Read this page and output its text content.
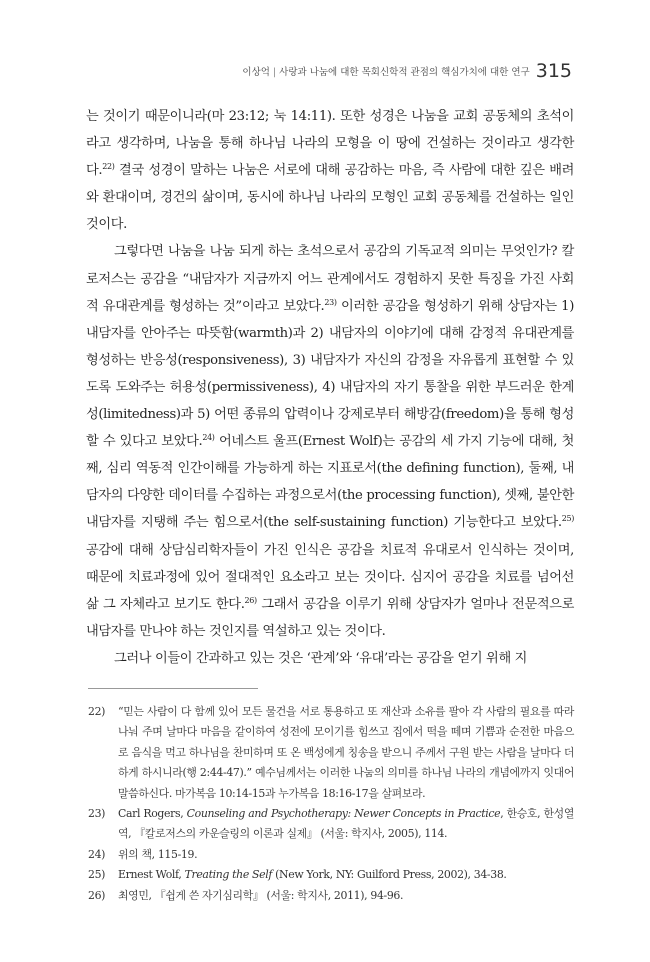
이상억 | 사랑과 나눔에 대한 목회신학적 관점의 핵심가치에 대한 연구 315

는 것이기 때문이니라(마 23:12; 눅 14:11). 또한 성경은 나눔을 교회 공동체의 초석이라고 생각하며, 나눔을 통해 하나님 나라의 모형을 이 땅에 건설하는 것이라고 생각한다.$^{22)}$ 결국 성경이 말하는 나눔은 서로에 대해 공감하는 마음, 즉 사람에 대한 깊은 배려와 환대이며, 경건의 삶이며, 동시에 하나님 나라의 모형인 교회 공동체를 건설하는 일인 것이다.

그렇다면 나눔을 나눔 되게 하는 초석으로서 공감의 기독교적 의미는 무엇인가? 칼 로저스는 공감을 “내담자가 지금까지 어느 관계에서도 경험하지 못한 특징을 가진 사회적 유대관계를 형성하는 것”이라고 보았다.$^{23)}$ 이러한 공감을 형성하기 위해 상담자는 1) 내담자를 안아주는 따뜻함(warmth)과 2) 내담자의 이야기에 대해 감정적 유대관계를 형성하는 반응성(responsiveness), 3) 내담자가 자신의 감정을 자유롭게 표현할 수 있도록 도와주는 허용성(permissiveness), 4) 내담자의 자기 통찰을 위한 부드러운 한계성(limitedness)과 5) 어떤 종류의 압력이나 강제로부터 해방감(freedom)을 통해 형성할 수 있다고 보았다.$^{24)}$ 어네스트 울프(Ernest Wolf)는 공감의 세 가지 기능에 대해, 첫째, 심리 역동적 인간이해를 가능하게 하는 지표로서(the defining function), 둘째, 내담자의 다양한 데이터를 수집하는 과정으로서(the processing function), 셋째, 불안한 내담자를 지탱해 주는 힘으로서(the self-sustaining function) 기능한다고 보았다.$^{25)}$ 공감에 대해 상담심리학자들이 가진 인식은 공감을 치료적 유대로서 인식하는 것이며, 때문에 치료과정에 있어 절대적인 요소라고 보는 것이다. 심지어 공감을 치료를 넘어선 삶 그 자체라고 보기도 한다.$^{26)}$ 그래서 공감을 이루기 위해 상담자가 얼마나 전문적으로 내담자를 만나야 하는 것인지를 역설하고 있는 것이다.

그러나 이들이 간과하고 있는 것은 ‘관계’와 ‘유대’라는 공감을 얻기 위해 지

22)	“믿는 사람이 다 함께 있어 모든 물건을 서로 통용하고 또 재산과 소유를 팔아 각 사람의 필요를 따라 나눠 주며 날마다 마음을 같이하여 성전에 모이기를 힘쓰고 집에서 떡을 떼며 기쁨과 순전한 마음으로 음식을 먹고 하나님을 찬미하며 또 온 백성에게 칭송을 받으니 주께서 구원 받는 사람을 날마다 더하게 하시니라(행 2:44-47).” 예수님께서는 이러한 나눔의 의미를 하나님 나라의 개념에까지 잇대어 말씀하신다. 마가복음 10:14-15과 누가복음 18:16-17을 살펴보라.
23)	Carl Rogers, Counseling and Psychotherapy: Newer Concepts in Practice, 한승호, 한성열 역, 『칼로저스의 카운슬링의 이론과 실제』 (서울: 학지사, 2005), 114.
24)	위의 책, 115-19.
25)	Ernest Wolf, Treating the Self (New York, NY: Guilford Press, 2002), 34-38.
26)	최영민, 『쉽게 쓴 자기심리학』 (서울: 학지사, 2011), 94-96.
